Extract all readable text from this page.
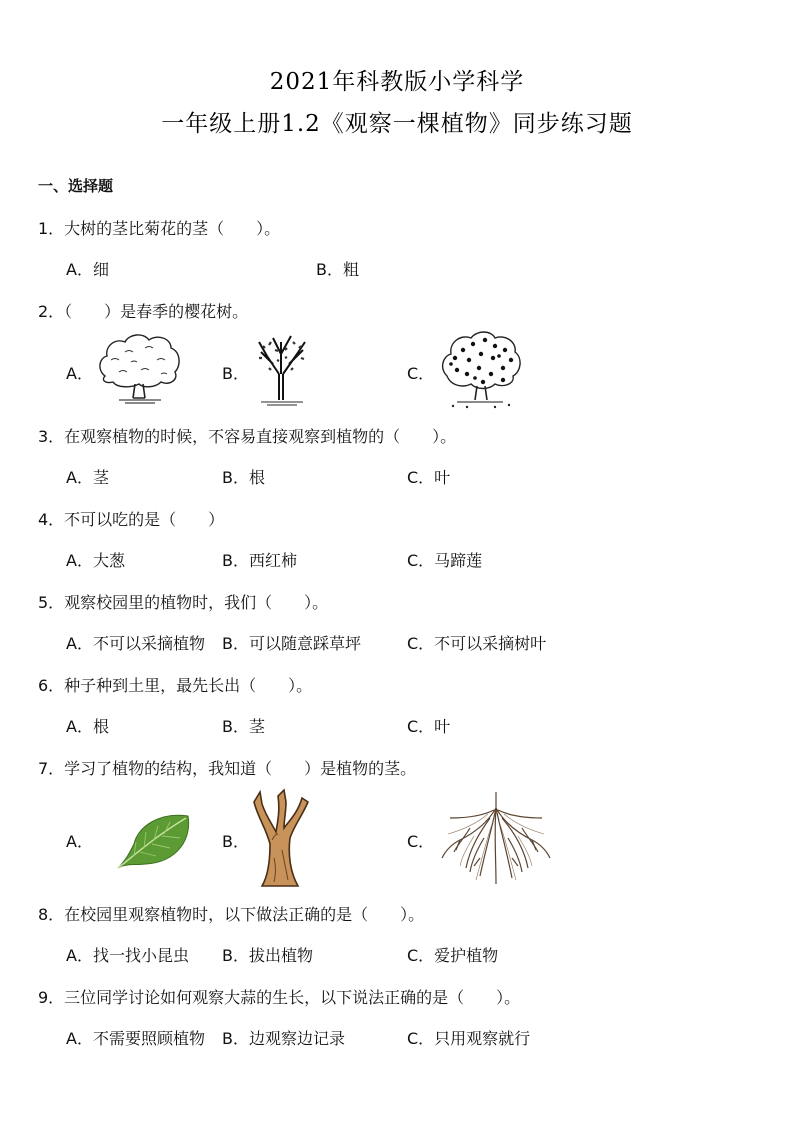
2021年科教版小学科学
一年级上册1.2《观察一棵植物》同步练习题
一、选择题
1．大树的茎比菊花的茎（　　）。
A．细	B．粗
2．（　　）是春季的樱花树。
A．	B．	C．
3．在观察植物的时候，不容易直接观察到植物的（　　）。
A．茎	B．根	C．叶
4．不可以吃的是（　　）
A．大葱	B．西红柿	C．马蹄莲
5．观察校园里的植物时，我们（　　）。
A．不可以采摘植物 B．可以随意踩草坪	C．不可以采摘树叶
6．种子种到土里，最先长出（　　）。
A．根	B．茎	C．叶
7．学习了植物的结构，我知道（　　）是植物的茎。
A．	B．	C．
8．在校园里观察植物时，以下做法正确的是（　　）。
A．找一找小昆虫 B．拔出植物	C．爱护植物
9．三位同学讨论如何观察大蒜的生长，以下说法正确的是（　　）。
A．不需要照顾植物 B．边观察边记录	C．只用观察就行
